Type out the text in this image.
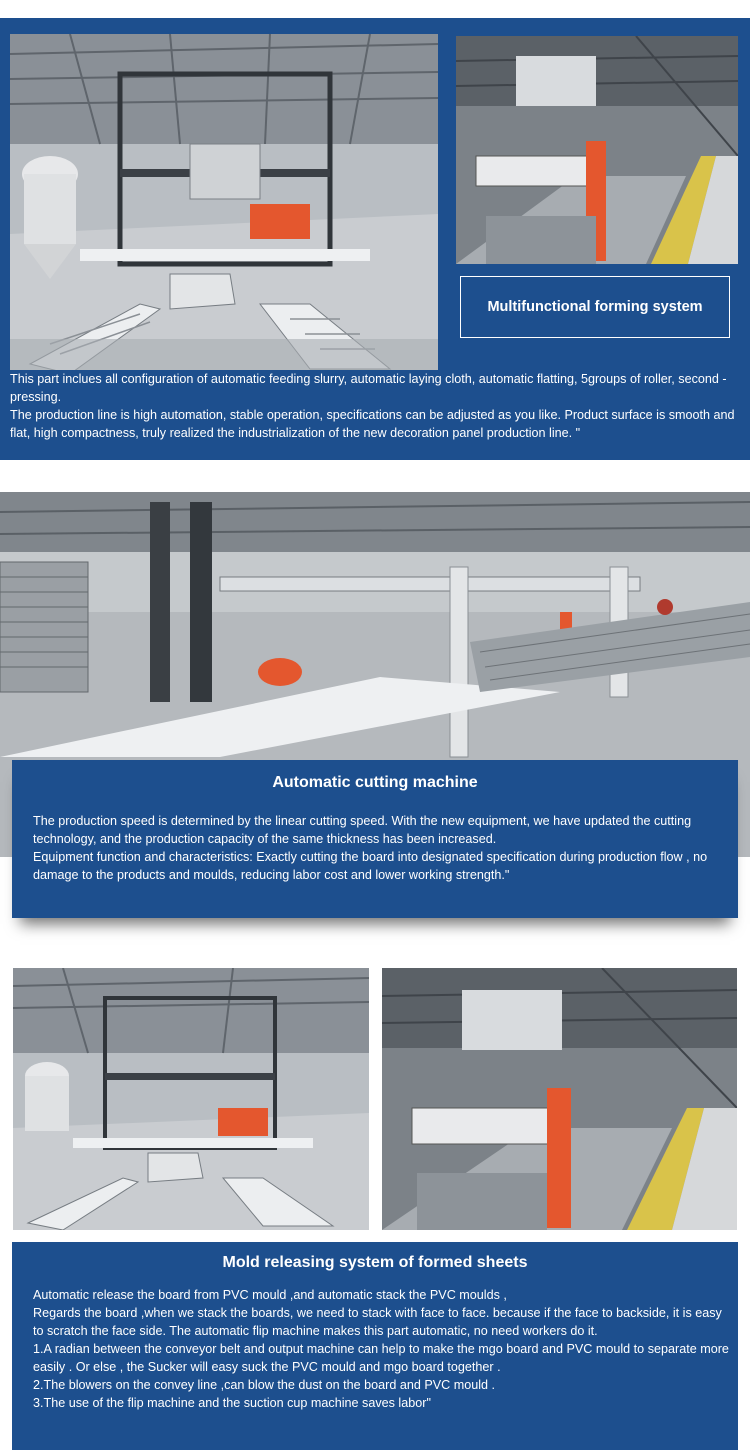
Multifunctional forming system
This part inclues all configuration of automatic feeding slurry, automatic laying cloth, automatic flatting, 5groups of roller, second -pressing.
The production line is high automation, stable operation, specifications can be adjusted as you like. Product surface is smooth and flat, high compactness, truly realized the industrialization of the new decoration panel production line. "
Automatic cutting machine
The production speed is determined by the linear cutting speed. With the new equipment, we have updated the cutting technology, and the production capacity of the same thickness has been increased.
Equipment function and characteristics: Exactly cutting the board into designated specification during production flow , no damage to the products and moulds, reducing labor cost and lower working strength."
Mold releasing system of formed sheets
Automatic release the board from PVC mould ,and automatic stack the PVC moulds ,
Regards the board ,when we stack the boards, we need to stack with face to face. because if the face to backside, it is easy to scratch the face side. The automatic flip machine makes this part automatic, no need workers do it.
1.A radian between the conveyor belt and output machine can help to make the mgo board and PVC mould to separate more easily . Or else , the Sucker will easy suck the PVC mould and mgo board together .
2.The blowers on the convey line ,can blow the dust on the board and PVC mould .
3.The use of the flip machine and the suction cup machine saves labor"
